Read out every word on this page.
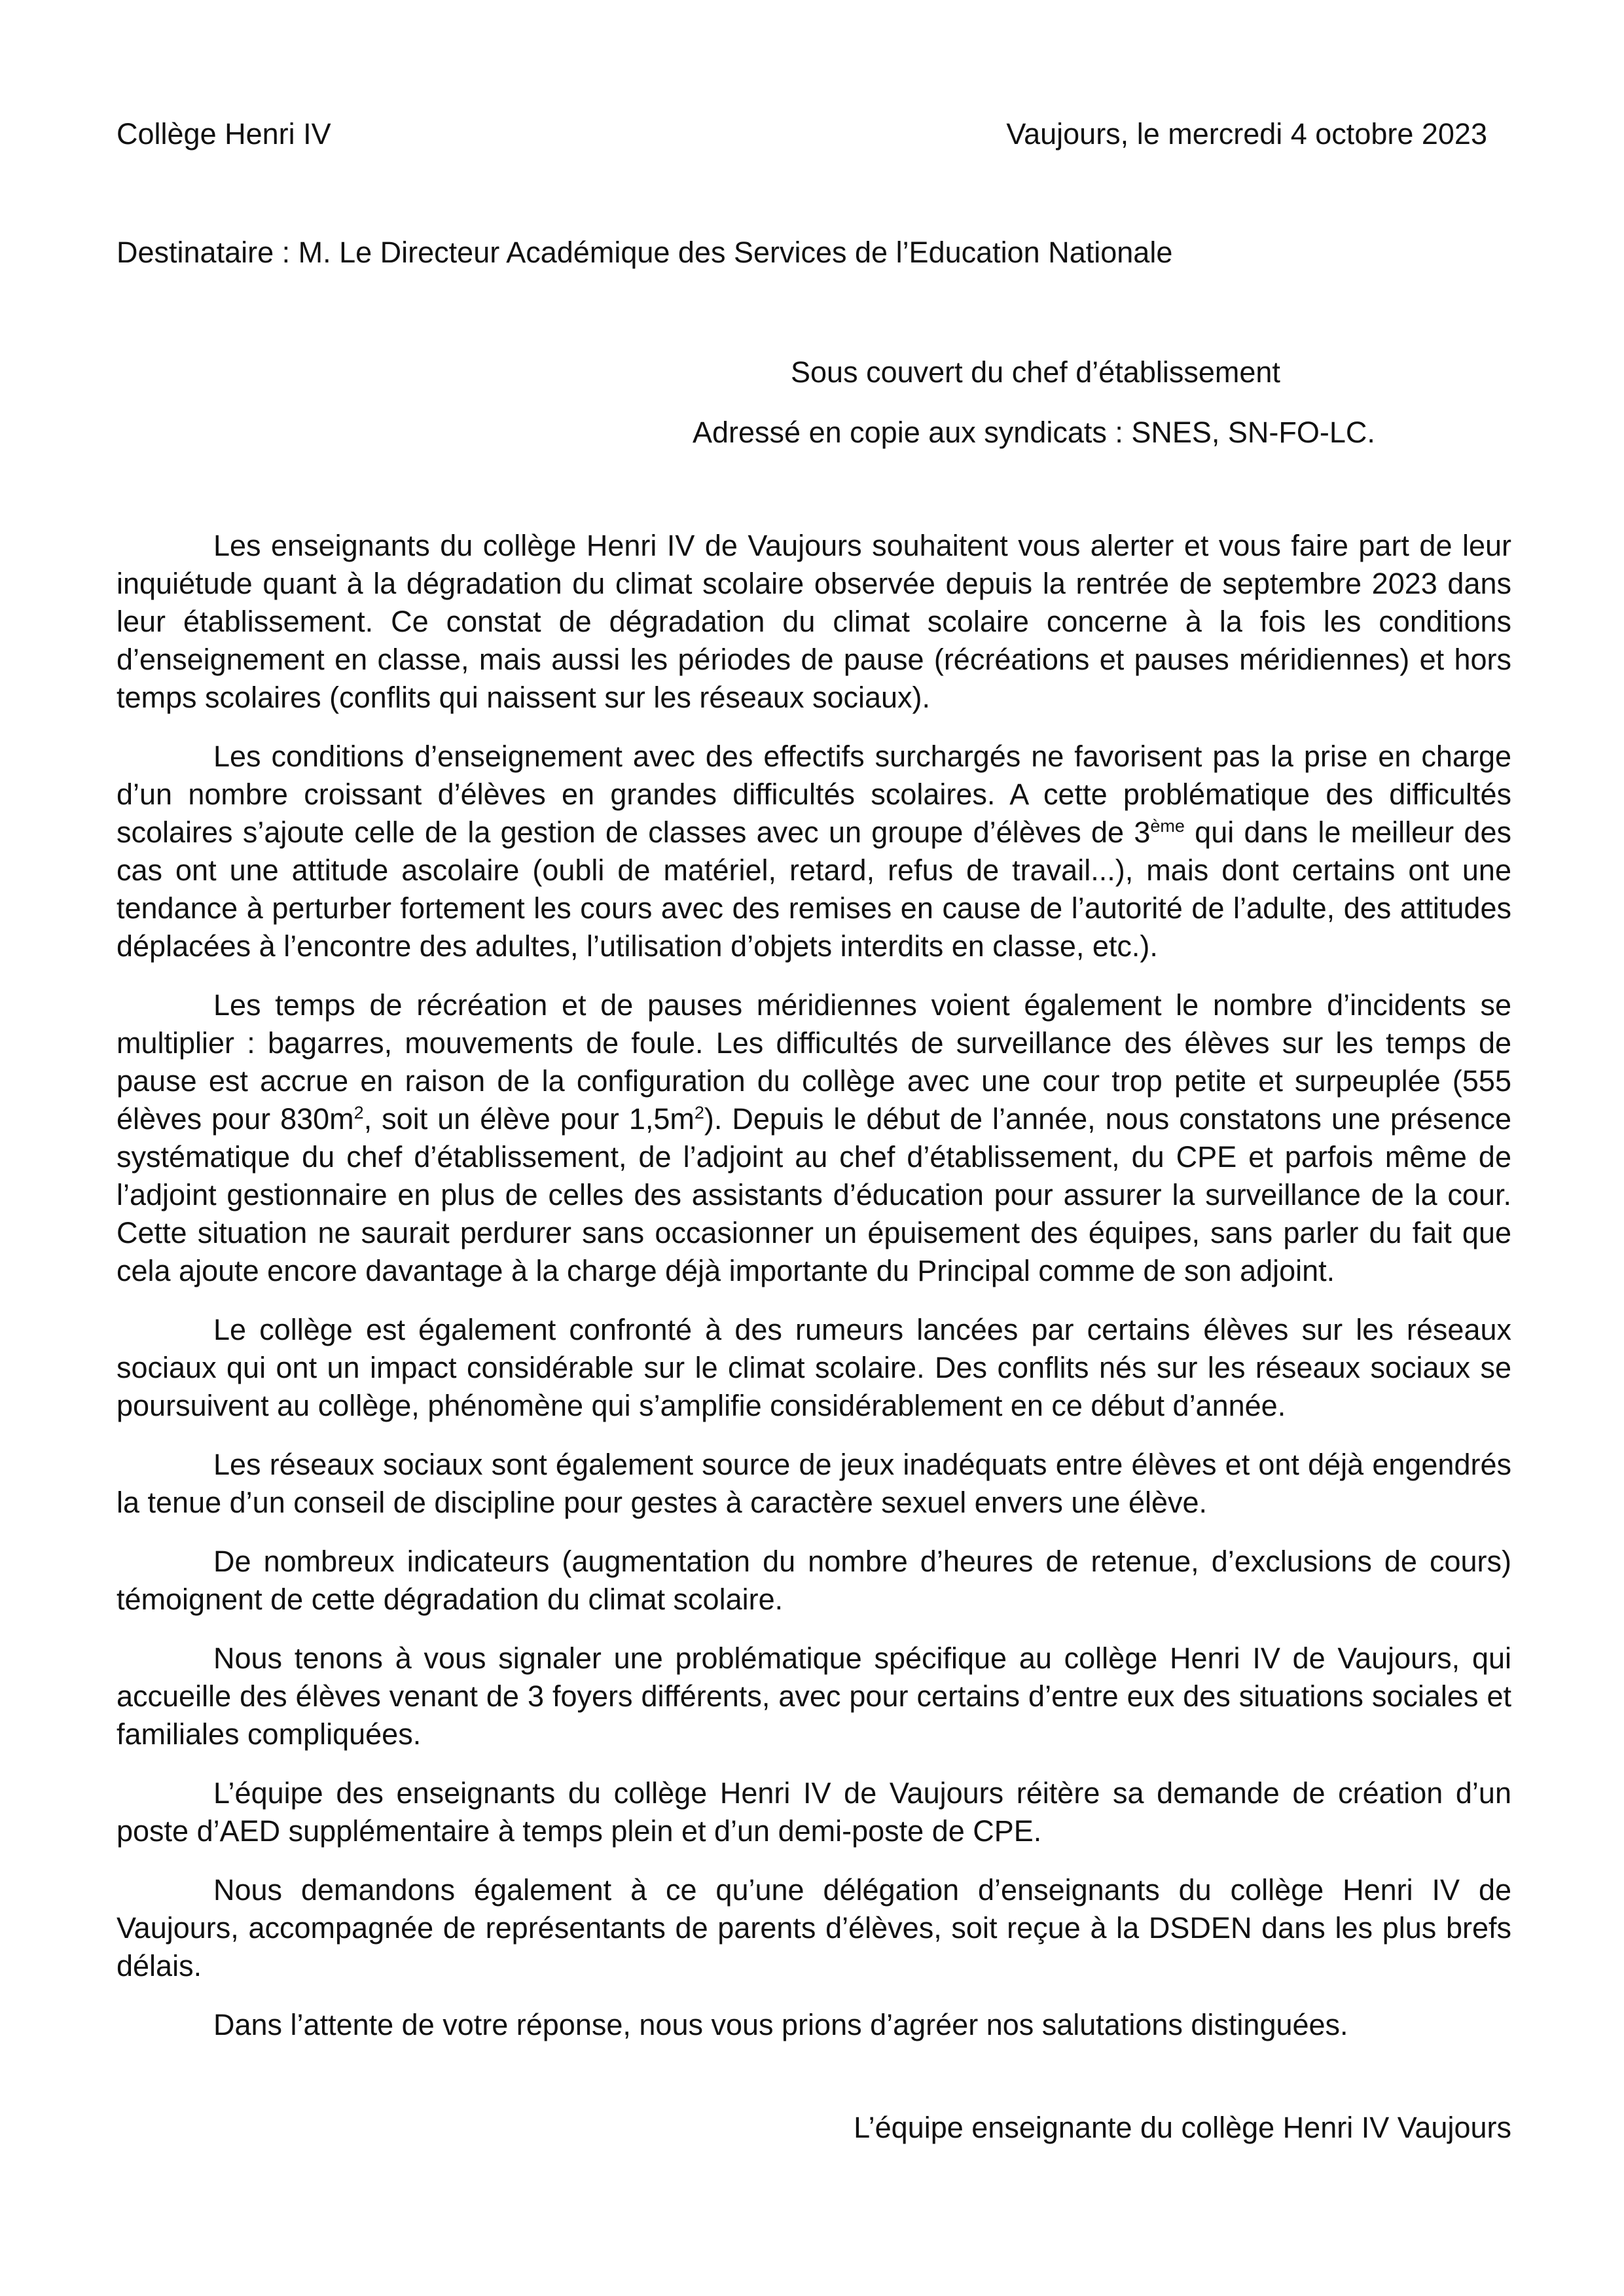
Collège Henri IV	Vaujours, le mercredi 4 octobre 2023

Destinataire : M. Le Directeur Académique des Services de l’Education Nationale

Sous couvert du chef d’établissement

Adressé en copie aux syndicats : SNES, SN-FO-LC.

Les enseignants du collège Henri IV de Vaujours souhaitent vous alerter et vous faire part de leur inquiétude quant à la dégradation du climat scolaire observée depuis la rentrée de septembre 2023 dans leur établissement. Ce constat de dégradation du climat scolaire concerne à la fois les conditions d’enseignement en classe, mais aussi les périodes de pause (récréations et pauses méridiennes) et hors temps scolaires (conflits qui naissent sur les réseaux sociaux).

Les conditions d’enseignement avec des effectifs surchargés ne favorisent pas la prise en charge d’un nombre croissant d’élèves en grandes difficultés scolaires. A cette problématique des difficultés scolaires s’ajoute celle de la gestion de classes avec un groupe d’élèves de 3ème qui dans le meilleur des cas ont une attitude ascolaire (oubli de matériel, retard, refus de travail...), mais dont certains ont une tendance à perturber fortement les cours avec des remises en cause de l’autorité de l’adulte, des attitudes déplacées à l’encontre des adultes, l’utilisation d’objets interdits en classe, etc.).

Les temps de récréation et de pauses méridiennes voient également le nombre d’incidents se multiplier : bagarres, mouvements de foule. Les difficultés de surveillance des élèves sur les temps de pause est accrue en raison de la configuration du collège avec une cour trop petite et surpeuplée (555 élèves pour $830m^2$, soit un élève pour $1,5m^2$). Depuis le début de l’année, nous constatons une présence systématique du chef d’établissement, de l’adjoint au chef d’établissement, du CPE et parfois même de l’adjoint gestionnaire en plus de celles des assistants d’éducation pour assurer la surveillance de la cour. Cette situation ne saurait perdurer sans occasionner un épuisement des équipes, sans parler du fait que cela ajoute encore davantage à la charge déjà importante du Principal comme de son adjoint.

Le collège est également confronté à des rumeurs lancées par certains élèves sur les réseaux sociaux qui ont un impact considérable sur le climat scolaire. Des conflits nés sur les réseaux sociaux se poursuivent au collège, phénomène qui s’amplifie considérablement en ce début d’année.

Les réseaux sociaux sont également source de jeux inadéquats entre élèves et ont déjà engendrés la tenue d’un conseil de discipline pour gestes à caractère sexuel envers une élève.

De nombreux indicateurs (augmentation du nombre d’heures de retenue, d’exclusions de cours) témoignent de cette dégradation du climat scolaire.

Nous tenons à vous signaler une problématique spécifique au collège Henri IV de Vaujours, qui accueille des élèves venant de 3 foyers différents, avec pour certains d’entre eux des situations sociales et familiales compliquées.

L’équipe des enseignants du collège Henri IV de Vaujours réitère sa demande de création d’un poste d’AED supplémentaire à temps plein et d’un demi-poste de CPE.

Nous demandons également à ce qu’une délégation d’enseignants du collège Henri IV de Vaujours, accompagnée de représentants de parents d’élèves, soit reçue à la DSDEN dans les plus brefs délais.

Dans l’attente de votre réponse, nous vous prions d’agréer nos salutations distinguées.

L’équipe enseignante du collège Henri IV Vaujours
